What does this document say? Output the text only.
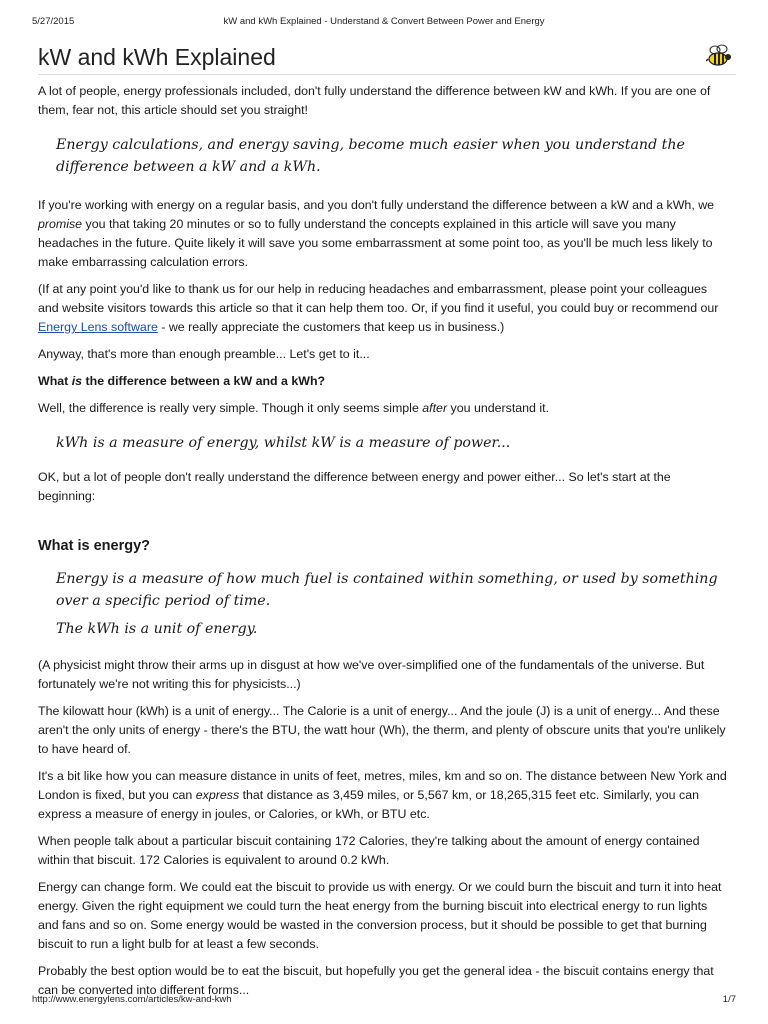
5/27/2015	kW and kWh Explained - Understand & Convert Between Power and Energy
kW and kWh Explained

A lot of people, energy professionals included, don't fully understand the difference between kW and kWh. If you are one of them, fear not, this article should set you straight!

Energy calculations, and energy saving, become much easier when you understand the difference between a kW and a kWh.

If you're working with energy on a regular basis, and you don't fully understand the difference between a kW and a kWh, we promise you that taking 20 minutes or so to fully understand the concepts explained in this article will save you many headaches in the future. Quite likely it will save you some embarrassment at some point too, as you'll be much less likely to make embarrassing calculation errors.

(If at any point you'd like to thank us for our help in reducing headaches and embarrassment, please point your colleagues and website visitors towards this article so that it can help them too. Or, if you find it useful, you could buy or recommend our Energy Lens software - we really appreciate the customers that keep us in business.)

Anyway, that's more than enough preamble... Let's get to it...

What is the difference between a kW and a kWh?

Well, the difference is really very simple. Though it only seems simple after you understand it.

kWh is a measure of energy, whilst kW is a measure of power...

OK, but a lot of people don't really understand the difference between energy and power either... So let's start at the beginning:

What is energy?

Energy is a measure of how much fuel is contained within something, or used by something over a specific period of time.

The kWh is a unit of energy.

(A physicist might throw their arms up in disgust at how we've over-simplified one of the fundamentals of the universe. But fortunately we're not writing this for physicists...)

The kilowatt hour (kWh) is a unit of energy... The Calorie is a unit of energy... And the joule (J) is a unit of energy... And these aren't the only units of energy - there's the BTU, the watt hour (Wh), the therm, and plenty of obscure units that you're unlikely to have heard of.

It's a bit like how you can measure distance in units of feet, metres, miles, km and so on. The distance between New York and London is fixed, but you can express that distance as 3,459 miles, or 5,567 km, or 18,265,315 feet etc. Similarly, you can express a measure of energy in joules, or Calories, or kWh, or BTU etc.

When people talk about a particular biscuit containing 172 Calories, they're talking about the amount of energy contained within that biscuit. 172 Calories is equivalent to around 0.2 kWh.

Energy can change form. We could eat the biscuit to provide us with energy. Or we could burn the biscuit and turn it into heat energy. Given the right equipment we could turn the heat energy from the burning biscuit into electrical energy to run lights and fans and so on. Some energy would be wasted in the conversion process, but it should be possible to get that burning biscuit to run a light bulb for at least a few seconds.

Probably the best option would be to eat the biscuit, but hopefully you get the general idea - the biscuit contains energy that can be converted into different forms...

http://www.energylens.com/articles/kw-and-kwh	1/7
